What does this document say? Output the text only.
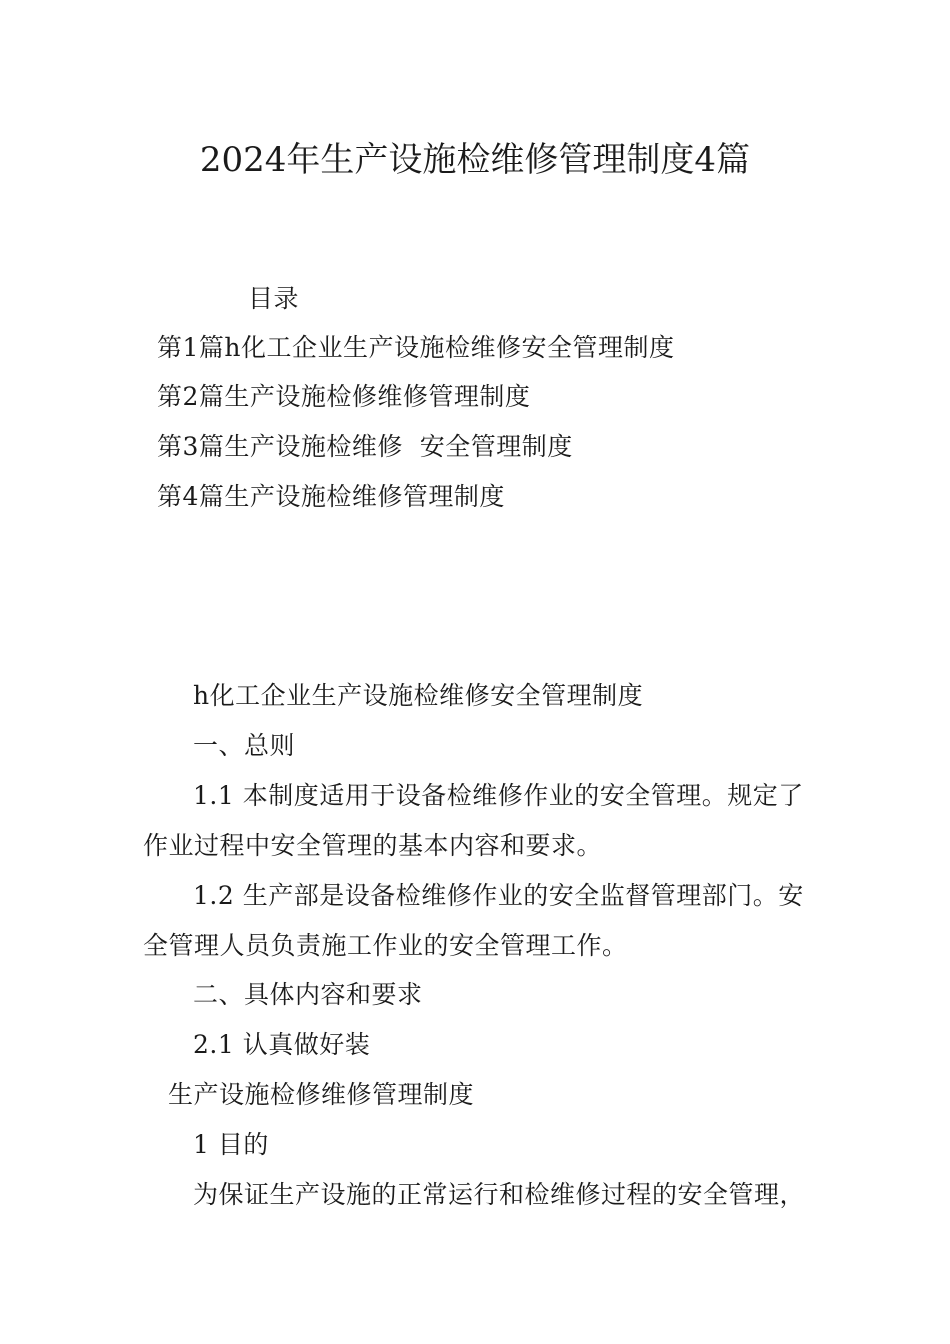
2024年生产设施检维修管理制度4篇
目录
第1篇h化工企业生产设施检维修安全管理制度
第2篇生产设施检修维修管理制度
第3篇生产设施检维修  安全管理制度
第4篇生产设施检维修管理制度
h化工企业生产设施检维修安全管理制度
一、总则
1.1 本制度适用于设备检维修作业的安全管理。规定了
作业过程中安全管理的基本内容和要求。
1.2 生产部是设备检维修作业的安全监督管理部门。安
全管理人员负责施工作业的安全管理工作。
二、具体内容和要求
2.1 认真做好装
生产设施检修维修管理制度
1 目的
为保证生产设施的正常运行和检维修过程的安全管理，
